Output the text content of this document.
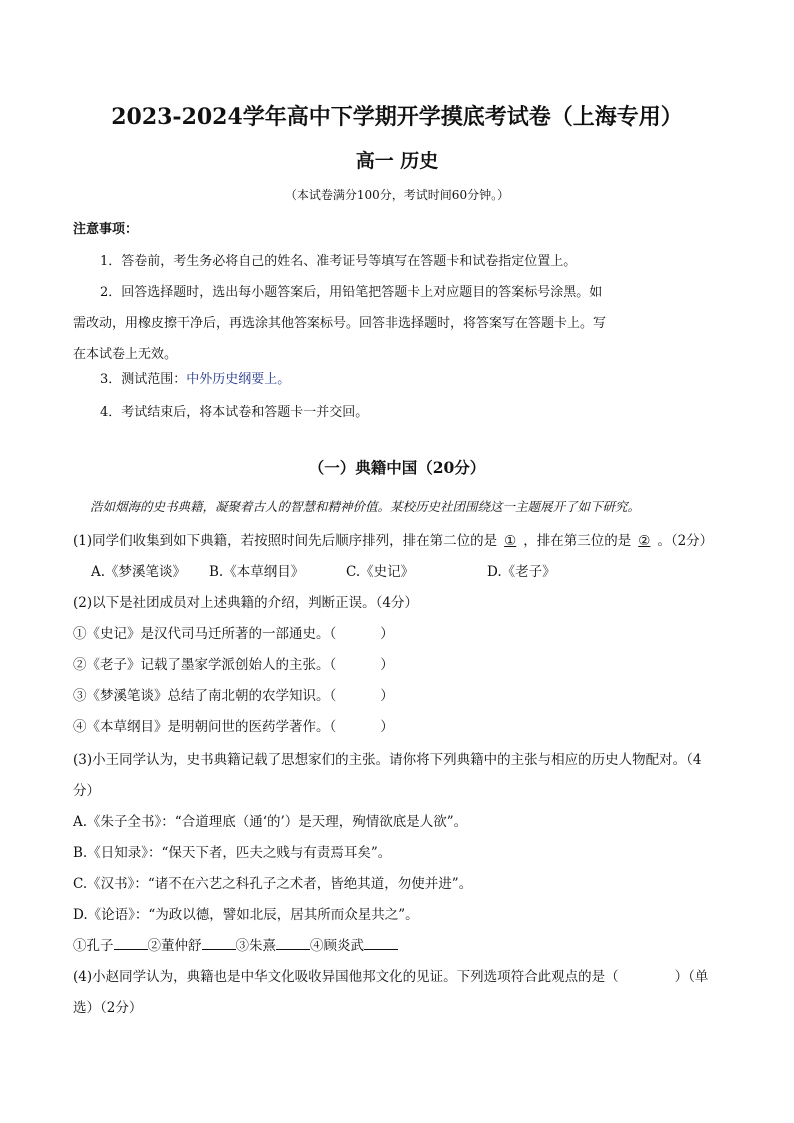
2023-2024学年高中下学期开学摸底考试卷（上海专用）
高一 历史
（本试卷满分100分，考试时间60分钟。）
注意事项：
1．答卷前，考生务必将自己的姓名、准考证号等填写在答题卡和试卷指定位置上。
2．回答选择题时，选出每小题答案后，用铅笔把答题卡上对应题目的答案标号涂黑。如
需改动，用橡皮擦干净后，再选涂其他答案标号。回答非选择题时，将答案写在答题卡上。写
在本试卷上无效。
3．测试范围：中外历史纲要上。
4．考试结束后，将本试卷和答题卡一并交回。
（一）典籍中国（20分）
浩如烟海的史书典籍，凝聚着古人的智慧和精神价值。某校历史社团围绕这一主题展开了如下研究。
(1)同学们收集到如下典籍，若按照时间先后顺序排列，排在第二位的是 ① ，排在第三位的是 ② 。（2分）
A.《梦溪笔谈》 B.《本草纲目》	C.《史记》	D.《老子》
(2)以下是社团成员对上述典籍的介绍，判断正误。（4分）
①《史记》是汉代司马迁所著的一部通史。（	）
②《老子》记载了墨家学派创始人的主张。（	）
③《梦溪笔谈》总结了南北朝的农学知识。（	）
④《本草纲目》是明朝问世的医药学著作。（	）
(3)小王同学认为，史书典籍记载了思想家们的主张。请你将下列典籍中的主张与相应的历史人物配对。（4
分）
A.《朱子全书》：“合道理底（通‘的’）是天理，殉情欲底是人欲”。
B.《日知录》：“保天下者，匹夫之贱与有责焉耳矣”。
C.《汉书》：“诸不在六艺之科孔子之术者，皆绝其道，勿使并进”。
D.《论语》：“为政以德，譬如北辰，居其所而众星共之”。
①孔子	②董仲舒	③朱熹	④顾炎武
(4)小赵同学认为，典籍也是中华文化吸收异国他邦文化的见证。下列选项符合此观点的是（	）（单
选）（2分）
